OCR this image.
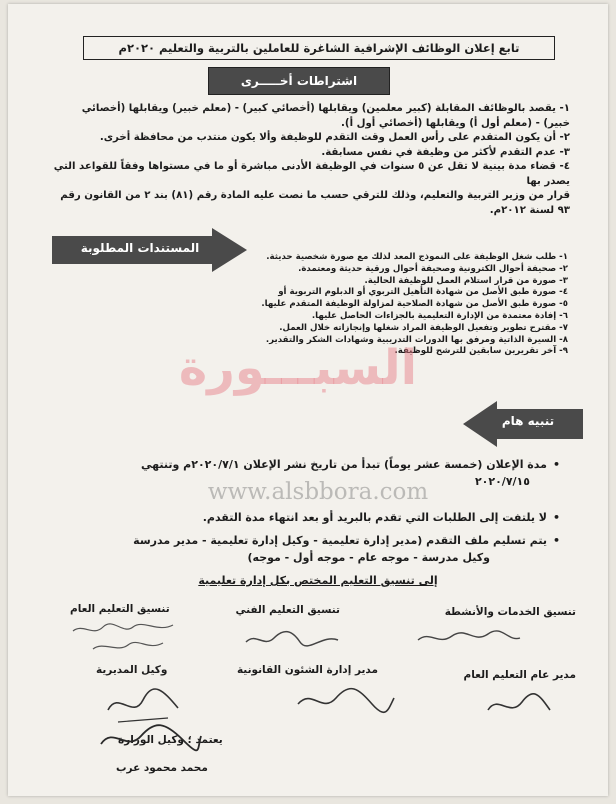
تابع إعلان الوظائف الإشرافية الشاغرة للعاملين بالتربية والتعليم ٢٠٢٠م
اشتراطات أخـــــرى

١- يقصد بالوظائف المقابلة (كبير معلمين) ويقابلها (أخصائي كبير) - (معلم خبير) ويقابلها (أخصائي

خبير) - (معلم أول أ) ويقابلها (أخصائي أول أ).

٢- أن يكون المتقدم على رأس العمل وقت التقدم للوظيفة وألا يكون منتدب من محافظة أخرى.

٣- عدم التقدم لأكثر من وظيفة في نفس مسابقة.

٤- قضاء مدة بينية لا تقل عن ٥ سنوات في الوظيفة الأدنى مباشرة أو ما في مستواها وفقاً للقواعد التي يصدر بها

قرار من وزير التربية والتعليم، وذلك للترقي حسب ما نصت عليه المادة رقم (٨١) بند ٢ من القانون رقم

٩٣ لسنة ٢٠١٢م.

المستندات المطلوبة

١- طلب شغل الوظيفة على النموذج المعد لذلك مع صورة شخصية حديثة.

٢- صحيفة أحوال الكترونية وصحيفة أحوال ورقية حديثة ومعتمدة.

٣- صورة من قرار استلام العمل للوظيفة الحالية.

٤- صورة طبق الأصل من شهادة التأهيل التربوي أو الدبلوم التربوية أو

٥- صورة طبق الأصل من شهادة الصلاحية لمزاولة الوظيفة المتقدم عليها.

٦- إفادة معتمدة من الإدارة التعليمية بالجزاءات الحاصل عليها.

٧- مقترح تطوير وتفعيل الوظيفة المراد شغلها وإنجازاته خلال العمل.

٨- السيرة الذاتية ومرفق بها الدورات التدريبية وشهادات الشكر والتقدير.

٩- آخر تقريرين سابقين للترشح للوظيفة.

السبـــورة
تنبيه هام
• مدة الإعلان (خمسة عشر يوماً) تبدأ من تاريخ نشر الإعلان ٢٠٢٠/٧/١م وتنتهي
٢٠٢٠/٧/١٥
www.alsbbora.com
• لا يلتفت إلى الطلبات التي تقدم بالبريد أو بعد انتهاء مدة التقدم.
• يتم تسليم ملف التقدم (مدير إدارة تعليمية - وكيل إدارة تعليمية - مدير مدرسة
وكيل مدرسة - موجه عام - موجه أول - موجه)
إلى تنسيق التعليم المختص بكل إدارة تعليمية
تنسيق الخدمات والأنشطة
تنسيق التعليم الفني
تنسيق التعليم العام
مدير عام التعليم العام
مدير إدارة الشئون القانونية
وكيل المديرية
يعتمد ؛ وكيل الوزارة
محمد محمود عرب
